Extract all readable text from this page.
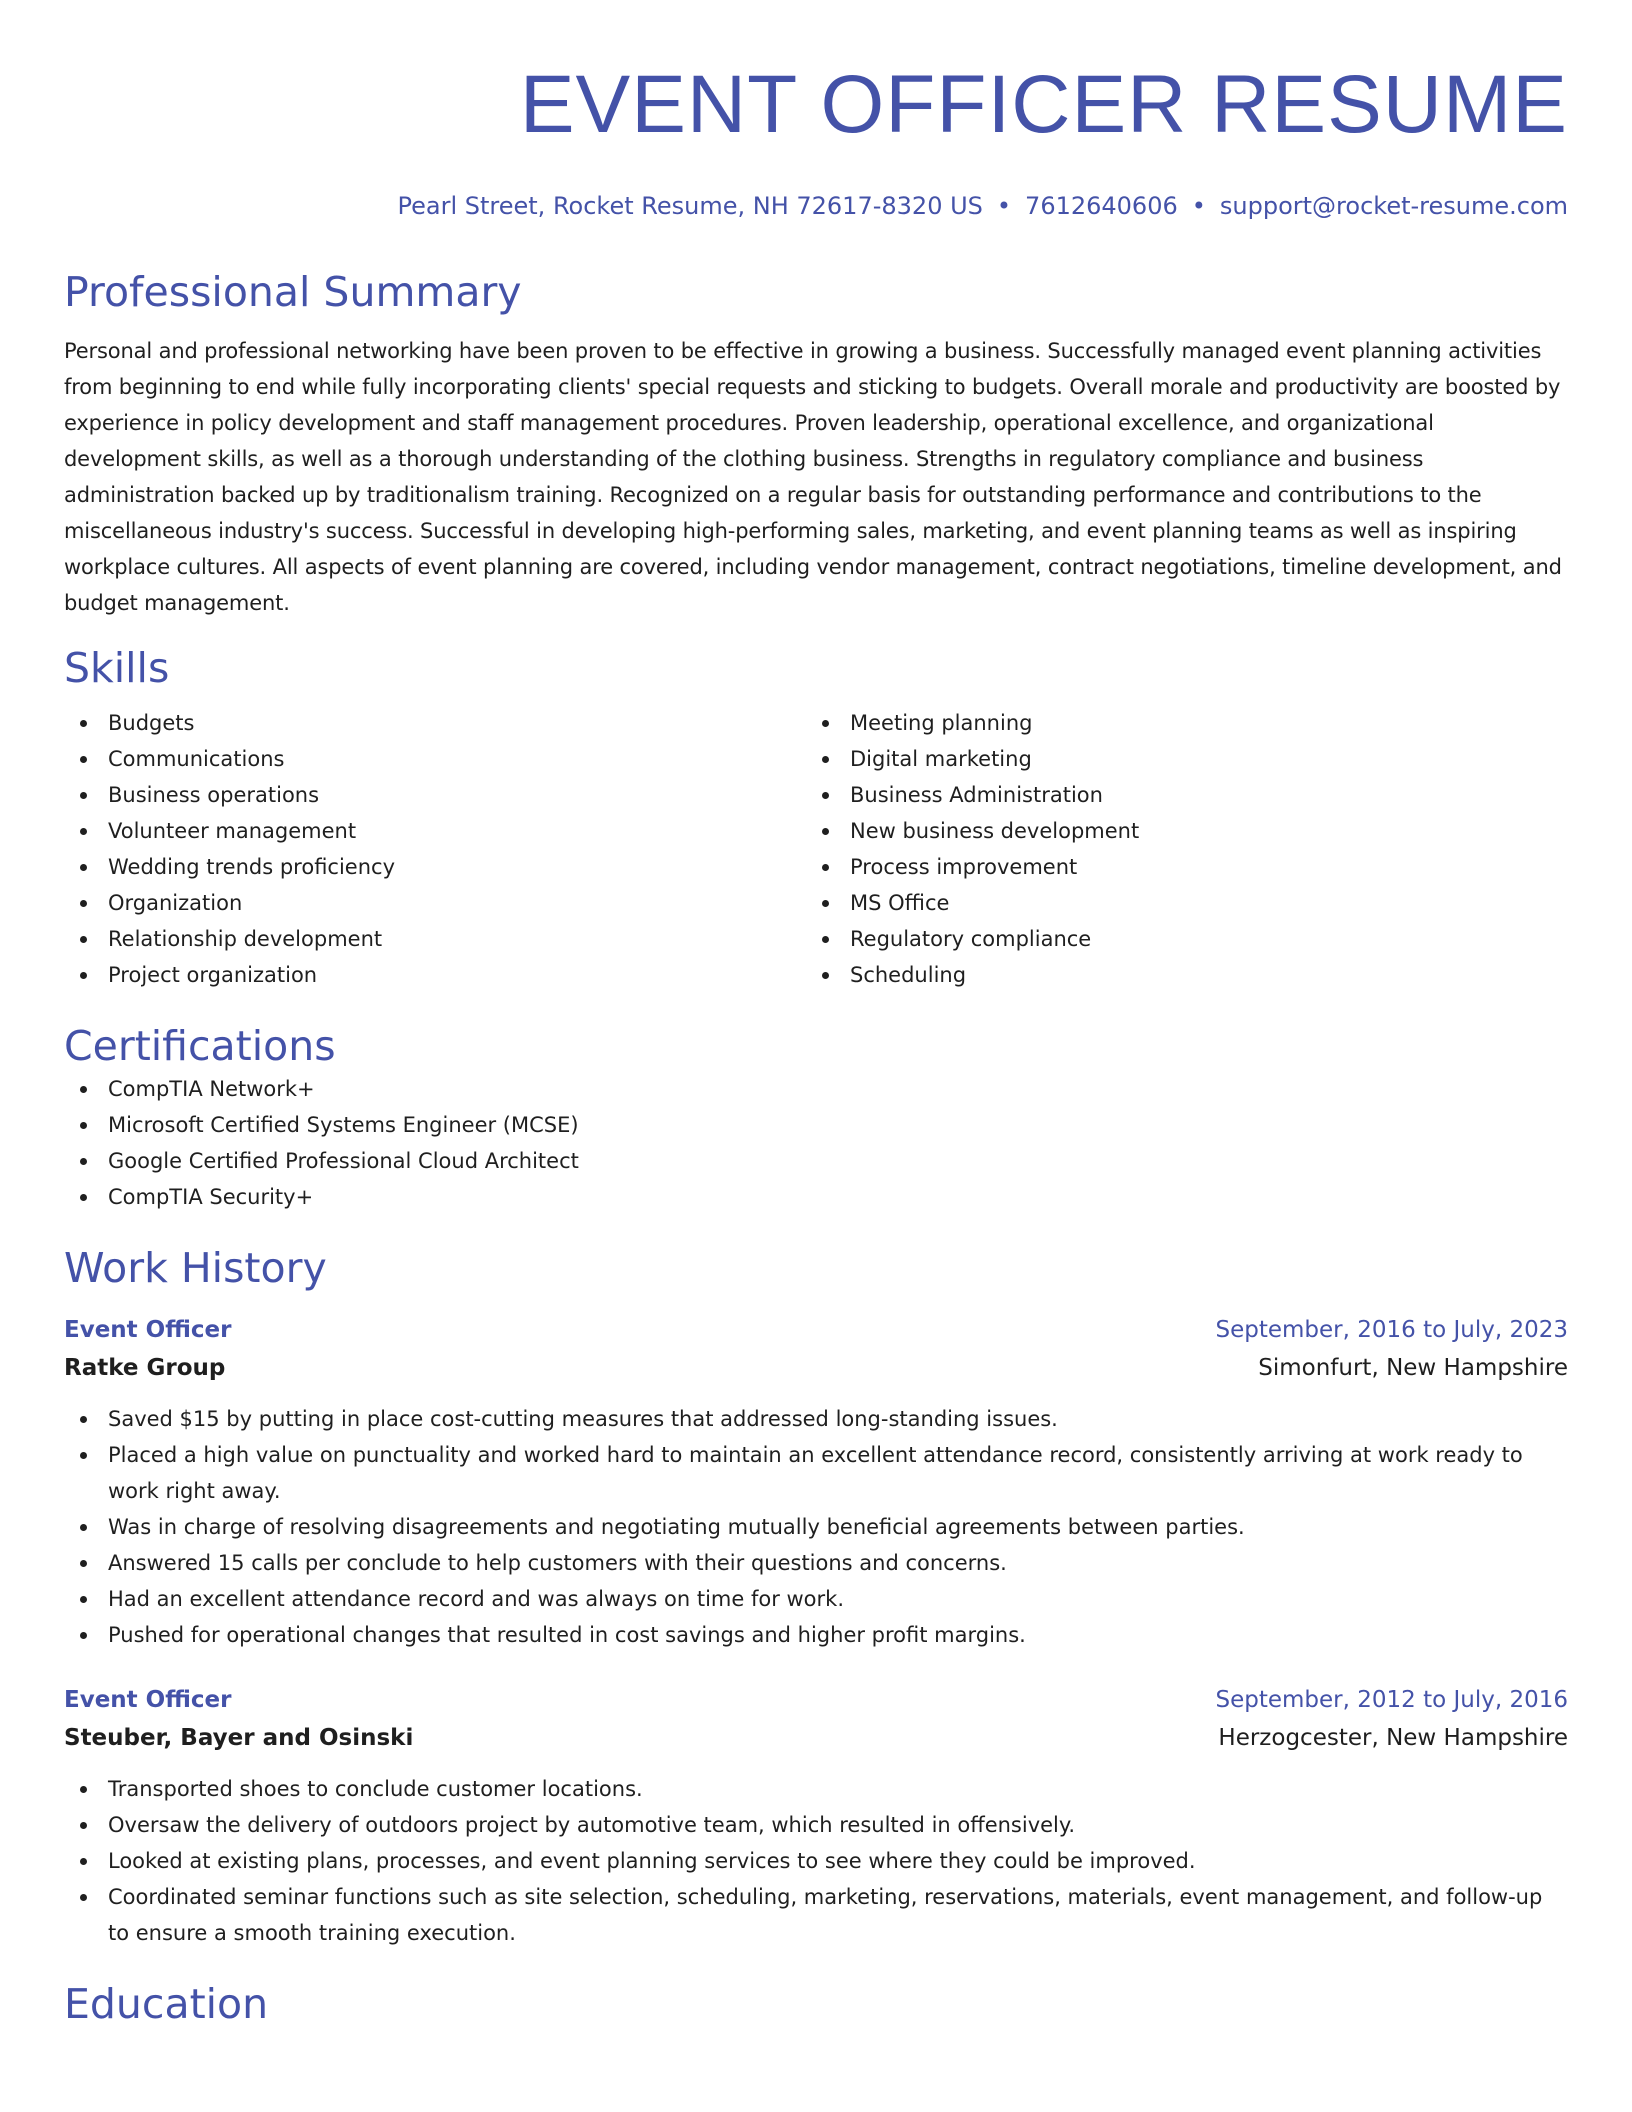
EVENT OFFICER RESUME
Pearl Street, Rocket Resume, NH 72617-8320 US • 7612640606 • support@rocket-resume.com
Professional Summary
Personal and professional networking have been proven to be effective in growing a business. Successfully managed event planning activities from beginning to end while fully incorporating clients' special requests and sticking to budgets. Overall morale and productivity are boosted by experience in policy development and staff management procedures. Proven leadership, operational excellence, and organizational development skills, as well as a thorough understanding of the clothing business. Strengths in regulatory compliance and business administration backed up by traditionalism training. Recognized on a regular basis for outstanding performance and contributions to the miscellaneous industry's success. Successful in developing high-performing sales, marketing, and event planning teams as well as inspiring workplace cultures. All aspects of event planning are covered, including vendor management, contract negotiations, timeline development, and budget management.
Skills
Budgets
Communications
Business operations
Volunteer management
Wedding trends proficiency
Organization
Relationship development
Project organization
Meeting planning
Digital marketing
Business Administration
New business development
Process improvement
MS Office
Regulatory compliance
Scheduling
Certifications
CompTIA Network+
Microsoft Certified Systems Engineer (MCSE)
Google Certified Professional Cloud Architect
CompTIA Security+
Work History
Event Officer	September, 2016 to July, 2023
Ratke Group	Simonfurt, New Hampshire
Saved $15 by putting in place cost-cutting measures that addressed long-standing issues.
Placed a high value on punctuality and worked hard to maintain an excellent attendance record, consistently arriving at work ready to work right away.
Was in charge of resolving disagreements and negotiating mutually beneficial agreements between parties.
Answered 15 calls per conclude to help customers with their questions and concerns.
Had an excellent attendance record and was always on time for work.
Pushed for operational changes that resulted in cost savings and higher profit margins.
Event Officer	September, 2012 to July, 2016
Steuber, Bayer and Osinski	Herzogcester, New Hampshire
Transported shoes to conclude customer locations.
Oversaw the delivery of outdoors project by automotive team, which resulted in offensively.
Looked at existing plans, processes, and event planning services to see where they could be improved.
Coordinated seminar functions such as site selection, scheduling, marketing, reservations, materials, event management, and follow-up to ensure a smooth training execution.
Education
